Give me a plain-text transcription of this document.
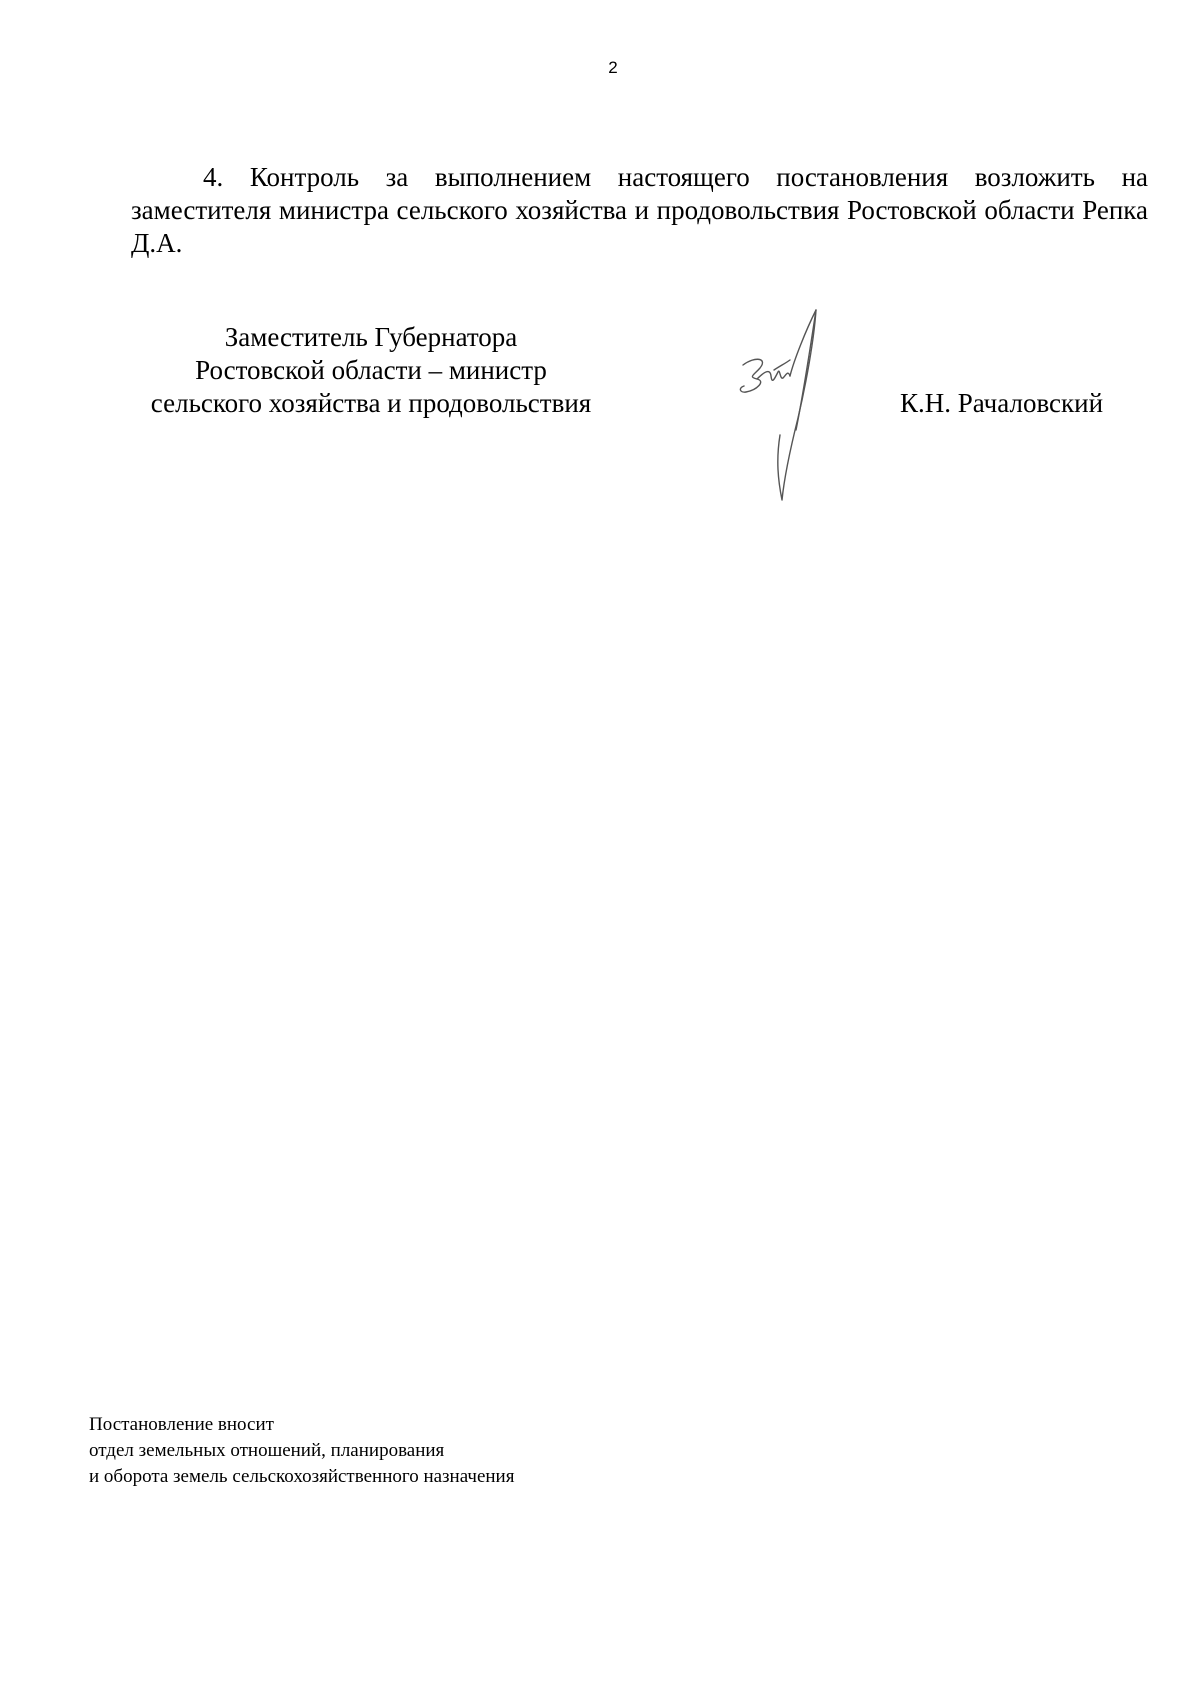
2

4. Контроль за выполнением настоящего постановления возложить на заместителя министра сельского хозяйства и продовольствия Ростовской области Репка Д.А.

Заместитель Губернатора
Ростовской области – министр
сельского хозяйства и продовольствия	К.Н. Рачаловский
Постановление вносит
отдел земельных отношений, планирования
и оборота земель сельскохозяйственного назначения
